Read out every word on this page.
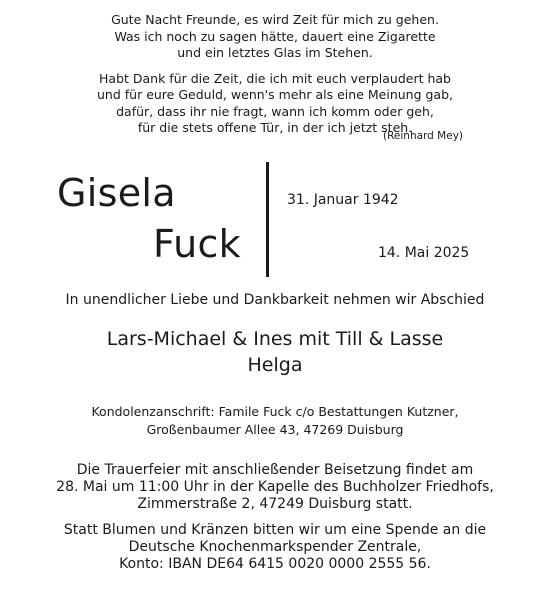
Gute Nacht Freunde, es wird Zeit für mich zu gehen.
Was ich noch zu sagen hätte, dauert eine Zigarette
und ein letztes Glas im Stehen.

Habt Dank für die Zeit, die ich mit euch verplaudert hab
und für eure Geduld, wenn's mehr als eine Meinung gab,
dafür, dass ihr nie fragt, wann ich komm oder geh,
für die stets offene Tür, in der ich jetzt steh.

(Reinhard Mey)
Gisela
Fuck
31. Januar 1942
14. Mai 2025
In unendlicher Liebe und Dankbarkeit nehmen wir Abschied
Lars-Michael & Ines mit Till & Lasse
Helga
Kondolenzanschrift: Famile Fuck c/o Bestattungen Kutzner,
Großenbaumer Allee 43, 47269 Duisburg
Die Trauerfeier mit anschließender Beisetzung findet am
28. Mai um 11:00 Uhr in der Kapelle des Buchholzer Friedhofs,
Zimmerstraße 2, 47249 Duisburg statt.
Statt Blumen und Kränzen bitten wir um eine Spende an die
Deutsche Knochenmarkspender Zentrale,
Konto: IBAN DE64 6415 0020 0000 2555 56.
